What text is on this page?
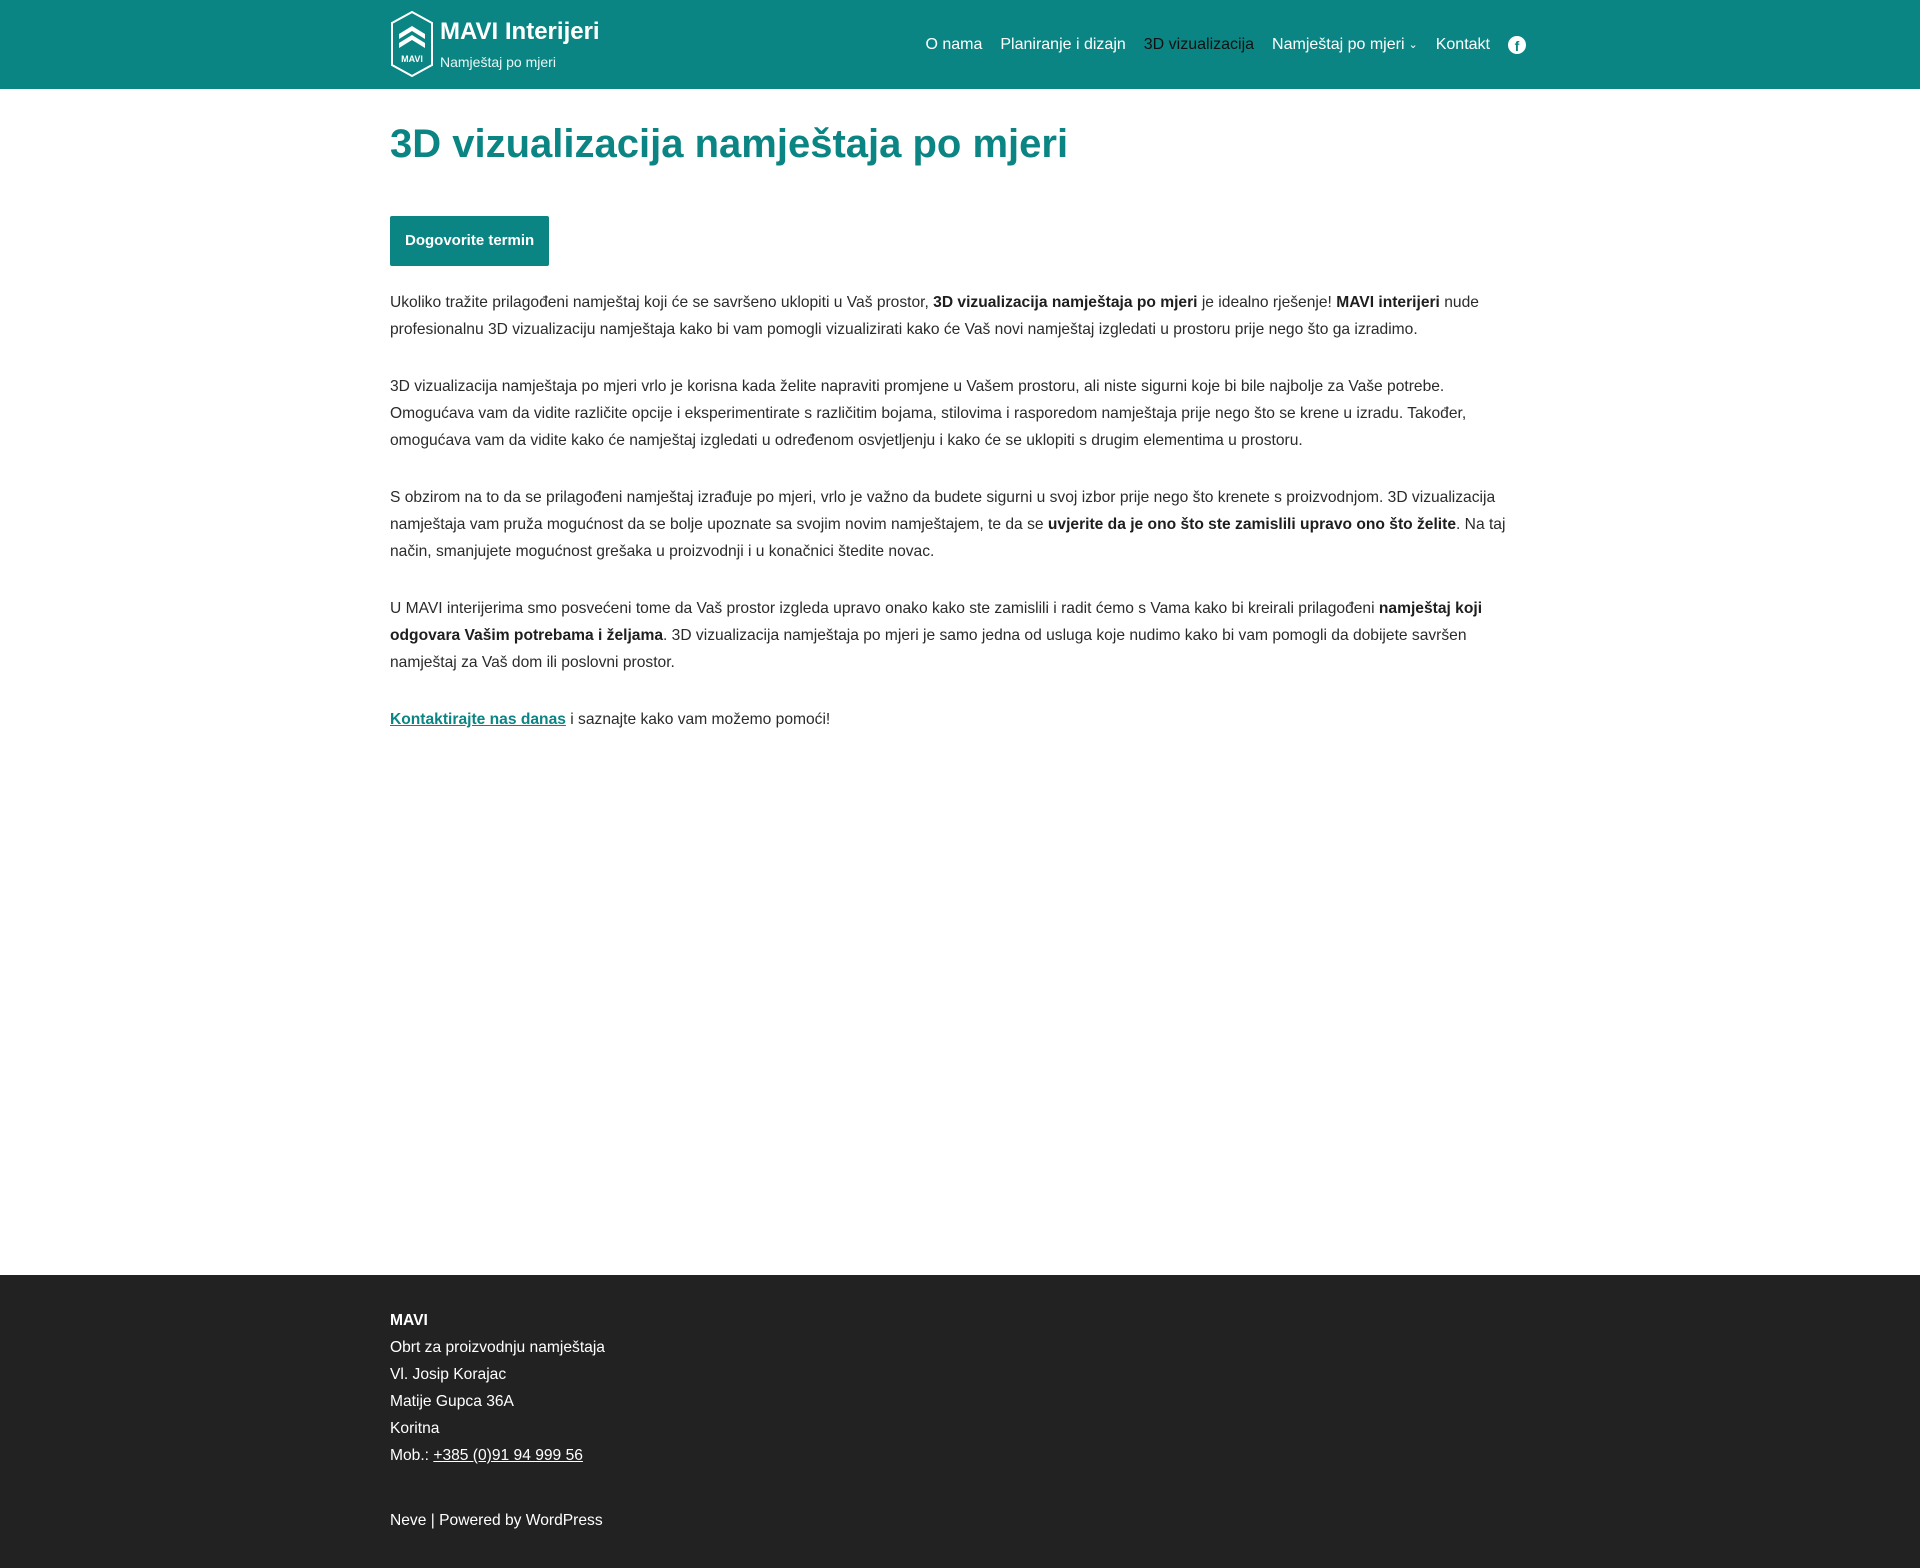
MAVI
MAVI Interijeri
Namještaj po mjeri
O nama Planiranje i dizajn 3D vizualizacija Namještaj po mjeri ⌄ Kontakt	f
3D vizualizacija namještaja po mjeri
Dogovorite termin

Ukoliko tražite prilagođeni namještaj koji će se savršeno uklopiti u Vaš prostor, 3D vizualizacija namještaja po mjeri je idealno rješenje! MAVI interijeri nude profesionalnu 3D vizualizaciju namještaja kako bi vam pomogli vizualizirati kako će Vaš novi namještaj izgledati u prostoru prije nego što ga izradimo.

3D vizualizacija namještaja po mjeri vrlo je korisna kada želite napraviti promjene u Vašem prostoru, ali niste sigurni koje bi bile najbolje za Vaše potrebe. Omogućava vam da vidite različite opcije i eksperimentirate s različitim bojama, stilovima i rasporedom namještaja prije nego što se krene u izradu. Također, omogućava vam da vidite kako će namještaj izgledati u određenom osvjetljenju i kako će se uklopiti s drugim elementima u prostoru.

S obzirom na to da se prilagođeni namještaj izrađuje po mjeri, vrlo je važno da budete sigurni u svoj izbor prije nego što krenete s proizvodnjom. 3D vizualizacija namještaja vam pruža mogućnost da se bolje upoznate sa svojim novim namještajem, te da se uvjerite da je ono što ste zamislili upravo ono što želite. Na taj način, smanjujete mogućnost grešaka u proizvodnji i u konačnici štedite novac.

U MAVI interijerima smo posvećeni tome da Vaš prostor izgleda upravo onako kako ste zamislili i radit ćemo s Vama kako bi kreirali prilagođeni namještaj koji odgovara Vašim potrebama i željama. 3D vizualizacija namještaja po mjeri je samo jedna od usluga koje nudimo kako bi vam pomogli da dobijete savršen namještaj za Vaš dom ili poslovni prostor.

Kontaktirajte nas danas i saznajte kako vam možemo pomoći!

MAVI
Obrt za proizvodnju namještaja
Vl. Josip Korajac
Matije Gupca 36A
Koritna
Mob.: +385 (0)91 94 999 56
Neve | Powered by WordPress
